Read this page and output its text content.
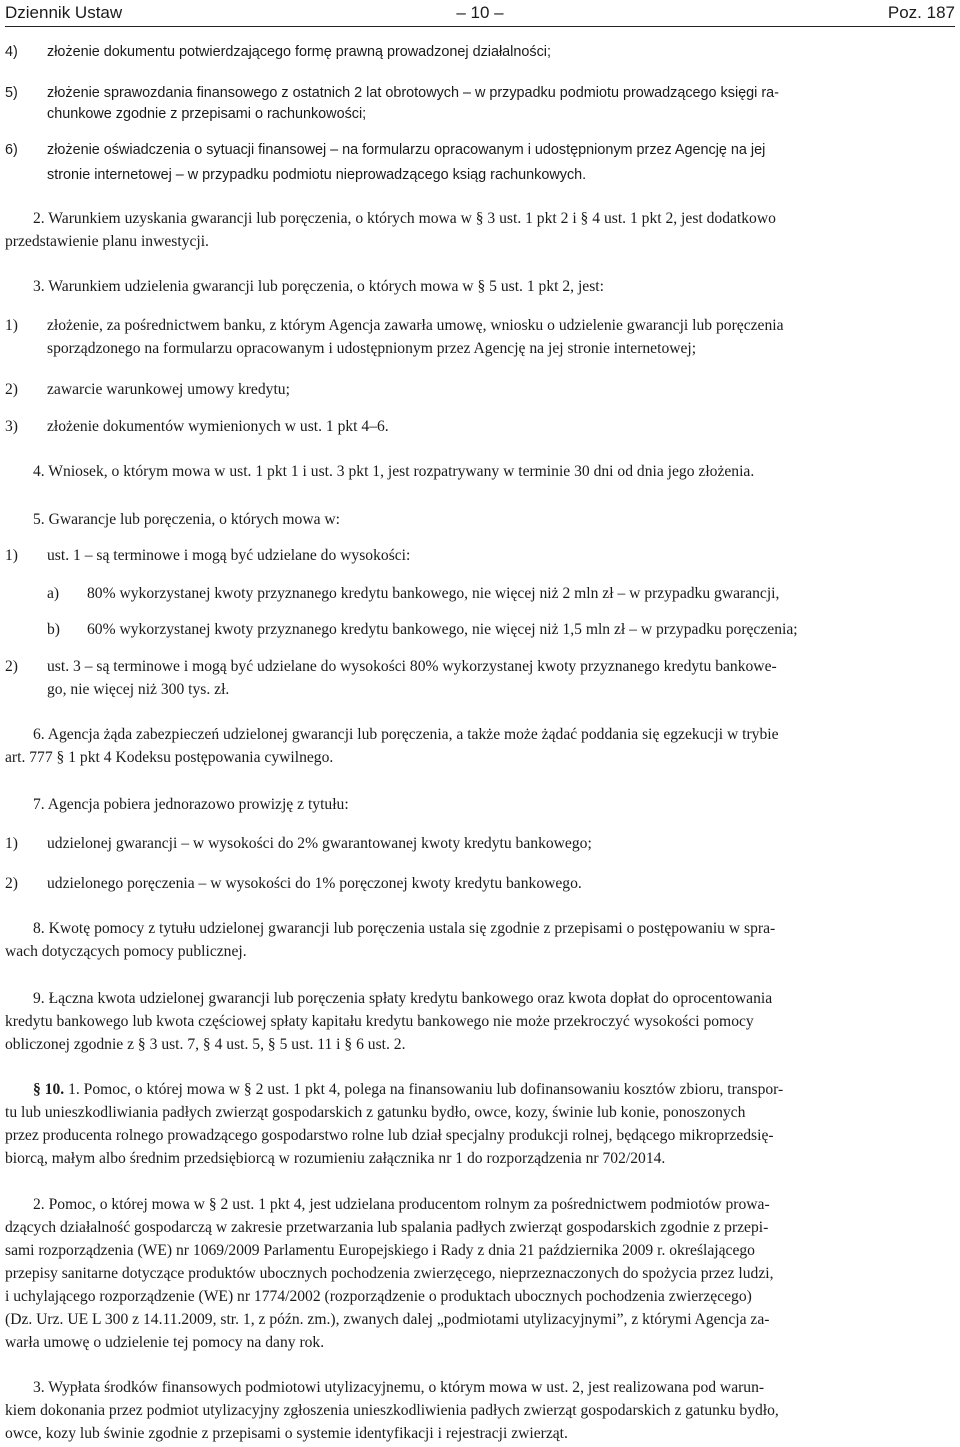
Dziennik Ustaw	– 10 –	Poz. 187
4) złożenie dokumentu potwierdzającego formę prawną prowadzonej działalności;
5) złożenie sprawozdania finansowego z ostatnich 2 lat obrotowych – w przypadku podmiotu prowadzącego księgi ra-
chunkowe zgodnie z przepisami o rachunkowości;
6) złożenie oświadczenia o sytuacji finansowej – na formularzu opracowanym i udostępnionym przez Agencję na jej
stronie internetowej – w przypadku podmiotu nieprowadzącego ksiąg rachunkowych.
2. Warunkiem uzyskania gwarancji lub poręczenia, o których mowa w § 3 ust. 1 pkt 2 i § 4 ust. 1 pkt 2, jest dodatkowo
przedstawienie planu inwestycji.
3. Warunkiem udzielenia gwarancji lub poręczenia, o których mowa w § 5 ust. 1 pkt 2, jest:
1) złożenie, za pośrednictwem banku, z którym Agencja zawarła umowę, wniosku o udzielenie gwarancji lub poręczenia
sporządzonego na formularzu opracowanym i udostępnionym przez Agencję na jej stronie internetowej;
2) zawarcie warunkowej umowy kredytu;
3) złożenie dokumentów wymienionych w ust. 1 pkt 4–6.
4. Wniosek, o którym mowa w ust. 1 pkt 1 i ust. 3 pkt 1, jest rozpatrywany w terminie 30 dni od dnia jego złożenia.
5. Gwarancje lub poręczenia, o których mowa w:
1) ust. 1 – są terminowe i mogą być udzielane do wysokości:
a) 80% wykorzystanej kwoty przyznanego kredytu bankowego, nie więcej niż 2 mln zł – w przypadku gwarancji,
b) 60% wykorzystanej kwoty przyznanego kredytu bankowego, nie więcej niż 1,5 mln zł – w przypadku poręczenia;
2) ust. 3 – są terminowe i mogą być udzielane do wysokości 80% wykorzystanej kwoty przyznanego kredytu bankowe-
go, nie więcej niż 300 tys. zł.
6. Agencja żąda zabezpieczeń udzielonej gwarancji lub poręczenia, a także może żądać poddania się egzekucji w trybie
art. 777 § 1 pkt 4 Kodeksu postępowania cywilnego.
7. Agencja pobiera jednorazowo prowizję z tytułu:
1) udzielonej gwarancji – w wysokości do 2% gwarantowanej kwoty kredytu bankowego;
2) udzielonego poręczenia – w wysokości do 1% poręczonej kwoty kredytu bankowego.
8. Kwotę pomocy z tytułu udzielonej gwarancji lub poręczenia ustala się zgodnie z przepisami o postępowaniu w spra-
wach dotyczących pomocy publicznej.
9. Łączna kwota udzielonej gwarancji lub poręczenia spłaty kredytu bankowego oraz kwota dopłat do oprocentowania
kredytu bankowego lub kwota częściowej spłaty kapitału kredytu bankowego nie może przekroczyć wysokości pomocy
obliczonej zgodnie z § 3 ust. 7, § 4 ust. 5, § 5 ust. 11 i § 6 ust. 2.
§ 10. 1. Pomoc, o której mowa w § 2 ust. 1 pkt 4, polega na finansowaniu lub dofinansowaniu kosztów zbioru, transpor-
tu lub unieszkodliwiania padłych zwierząt gospodarskich z gatunku bydło, owce, kozy, świnie lub konie, ponoszonych
przez producenta rolnego prowadzącego gospodarstwo rolne lub dział specjalny produkcji rolnej, będącego mikroprzedsię-
biorcą, małym albo średnim przedsiębiorcą w rozumieniu załącznika nr 1 do rozporządzenia nr 702/2014.
2. Pomoc, o której mowa w § 2 ust. 1 pkt 4, jest udzielana producentom rolnym za pośrednictwem podmiotów prowa-
dzących działalność gospodarczą w zakresie przetwarzania lub spalania padłych zwierząt gospodarskich zgodnie z przepi-
sami rozporządzenia (WE) nr 1069/2009 Parlamentu Europejskiego i Rady z dnia 21 października 2009 r. określającego
przepisy sanitarne dotyczące produktów ubocznych pochodzenia zwierzęcego, nieprzeznaczonych do spożycia przez ludzi,
i uchylającego rozporządzenie (WE) nr 1774/2002 (rozporządzenie o produktach ubocznych pochodzenia zwierzęcego)
(Dz. Urz. UE L 300 z 14.11.2009, str. 1, z późn. zm.), zwanych dalej „podmiotami utylizacyjnymi”, z którymi Agencja za-
warła umowę o udzielenie tej pomocy na dany rok.
3. Wypłata środków finansowych podmiotowi utylizacyjnemu, o którym mowa w ust. 2, jest realizowana pod warun-
kiem dokonania przez podmiot utylizacyjny zgłoszenia unieszkodliwienia padłych zwierząt gospodarskich z gatunku bydło,
owce, kozy lub świnie zgodnie z przepisami o systemie identyfikacji i rejestracji zwierząt.
